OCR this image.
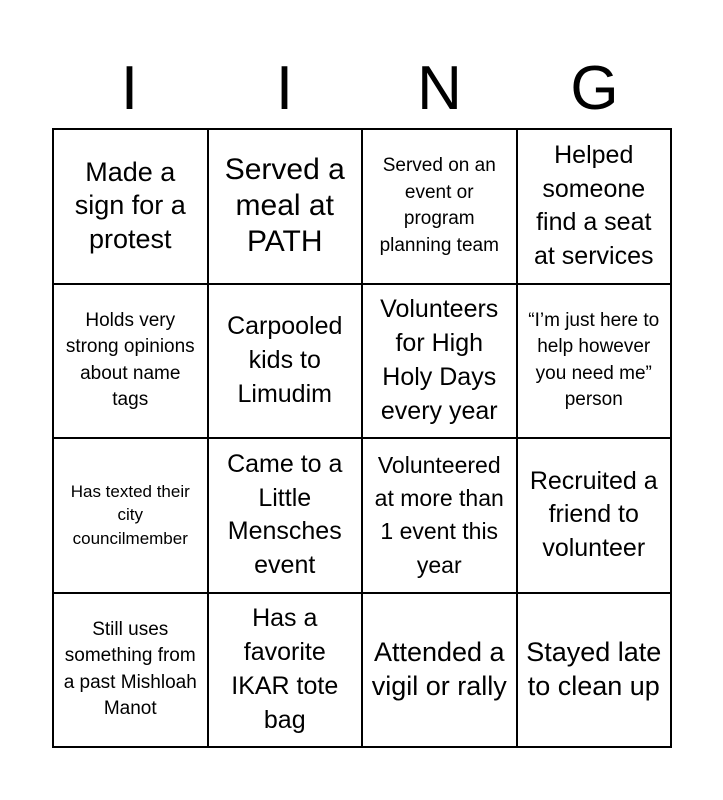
I	I	N	G
Made a sign for a protest
Served a meal at PATH
Served on an event or program planning team
Helped someone find a seat at services
Holds very strong opinions about name tags
Carpooled kids to Limudim
Volunteers for High Holy Days every year
“I’m just here to help however you need me” person
Has texted their city councilmember
Came to a Little Mensches event
Volunteered at more than 1 event this year
Recruited a friend to volunteer
Still uses something from a past Mishloah Manot
Has a favorite IKAR tote bag
Attended a vigil or rally
Stayed late to clean up
